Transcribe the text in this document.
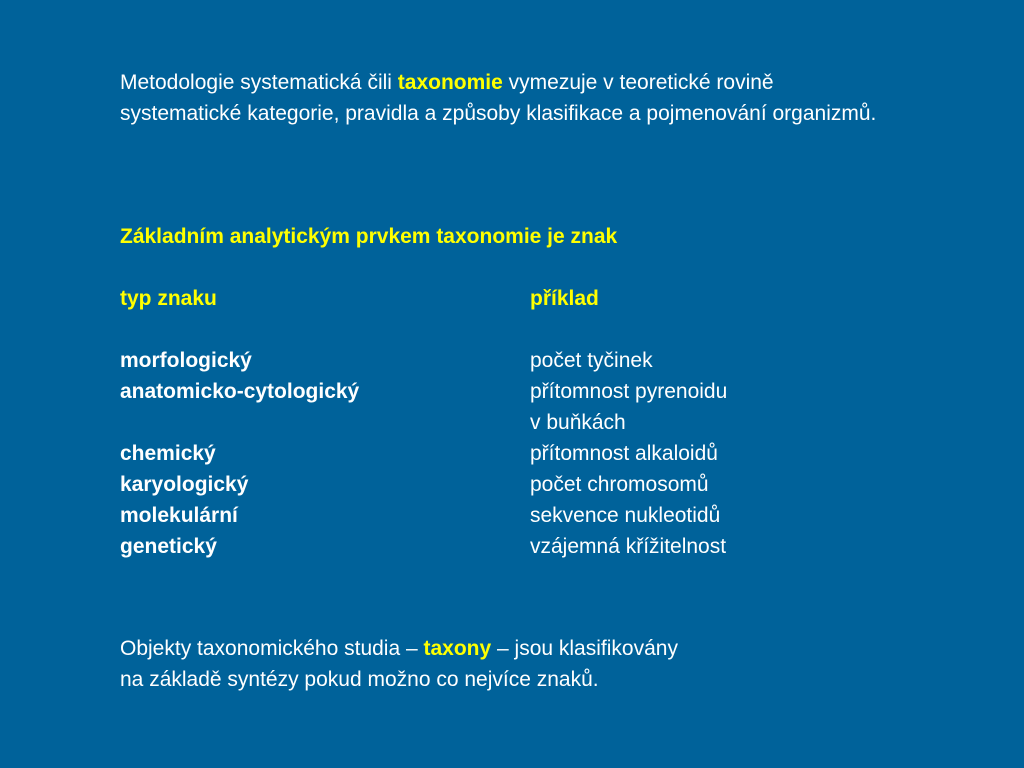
Metodologie systematická čili taxonomie vymezuje v teoretické rovině systematické kategorie, pravidla a způsoby klasifikace a pojmenování organizmů.

Základním analytickým prvkem taxonomie je znak

typ znaku	příklad
morfologický	počet tyčinek
anatomicko-cytologický	přítomnost pyrenoidu
v buňkách
chemický	přítomnost alkaloidů
karyologický	počet chromosomů
molekulární	sekvence nukleotidů
genetický	vzájemná křížitelnost

Objekty taxonomického studia – taxony – jsou klasifikovány
na základě syntézy pokud možno co nejvíce znaků.
